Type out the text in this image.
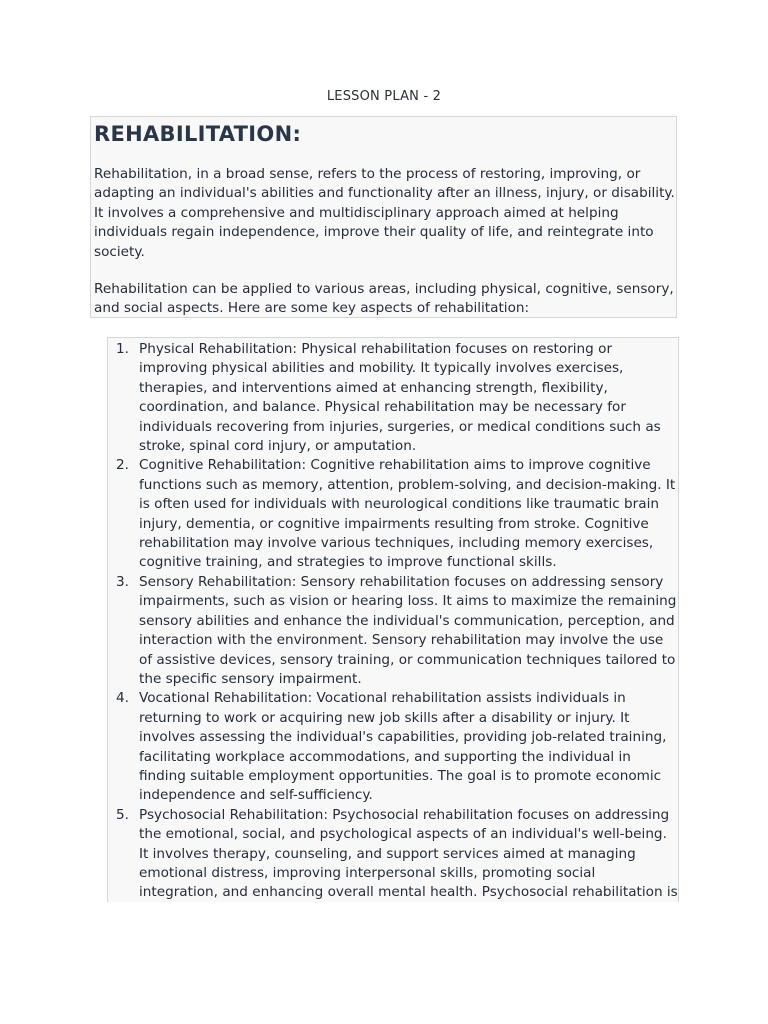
LESSON PLAN - 2
REHABILITATION:

Rehabilitation, in a broad sense, refers to the process of restoring, improving, or adapting an individual's abilities and functionality after an illness, injury, or disability. It involves a comprehensive and multidisciplinary approach aimed at helping individuals regain independence, improve their quality of life, and reintegrate into society.

Rehabilitation can be applied to various areas, including physical, cognitive, sensory, and social aspects. Here are some key aspects of rehabilitation:

1. Physical Rehabilitation: Physical rehabilitation focuses on restoring or improving physical abilities and mobility. It typically involves exercises, therapies, and interventions aimed at enhancing strength, flexibility, coordination, and balance. Physical rehabilitation may be necessary for individuals recovering from injuries, surgeries, or medical conditions such as stroke, spinal cord injury, or amputation.
2. Cognitive Rehabilitation: Cognitive rehabilitation aims to improve cognitive functions such as memory, attention, problem-solving, and decision-making. It is often used for individuals with neurological conditions like traumatic brain injury, dementia, or cognitive impairments resulting from stroke. Cognitive rehabilitation may involve various techniques, including memory exercises, cognitive training, and strategies to improve functional skills.
3. Sensory Rehabilitation: Sensory rehabilitation focuses on addressing sensory impairments, such as vision or hearing loss. It aims to maximize the remaining sensory abilities and enhance the individual's communication, perception, and interaction with the environment. Sensory rehabilitation may involve the use of assistive devices, sensory training, or communication techniques tailored to the specific sensory impairment.
4. Vocational Rehabilitation: Vocational rehabilitation assists individuals in returning to work or acquiring new job skills after a disability or injury. It involves assessing the individual's capabilities, providing job-related training, facilitating workplace accommodations, and supporting the individual in finding suitable employment opportunities. The goal is to promote economic independence and self-sufficiency.
5. Psychosocial Rehabilitation: Psychosocial rehabilitation focuses on addressing the emotional, social, and psychological aspects of an individual's well-being. It involves therapy, counseling, and support services aimed at managing emotional distress, improving interpersonal skills, promoting social integration, and enhancing overall mental health. Psychosocial rehabilitation is
